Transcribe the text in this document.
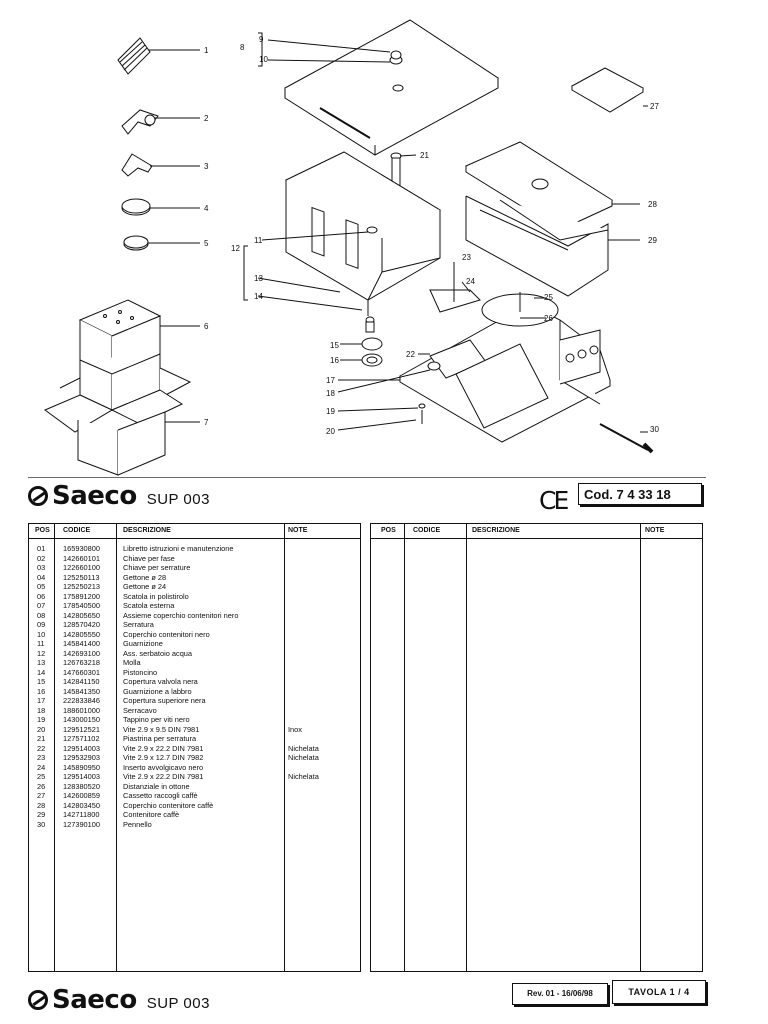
1
2
3
4
5
6
7
8
9
10
11
12
13
14
15
16
17
18
19
20
21
22
23
24
25
26
27
28
29
30
Saeco SUP 003	CE	Cod. 7 4 33 18
POS CODICE	DESCRIZIONE	NOTE
01 165930800	Libretto istruzioni e manutenzione
02 142660101	Chiave per fase
03 122660100	Chiave per serrature
04 125250113	Gettone ø 28
05 125250213	Gettone ø 24
06 175891200	Scatola in polistirolo
07 178540500	Scatola esterna
08 142805650	Assieme coperchio contenitori nero
09 128570420	Serratura
10 142805550	Coperchio contenitori nero
11 145841400	Guarnizione
12 142693100	Ass. serbatoio acqua
13 126763218	Molla
14 147660301	Pistoncino
15 142841150	Copertura valvola nera
16 145841350	Guarnizione a labbro
17 222833846	Copertura superiore nera
18 188601000	Serracavo
19 143000150	Tappino per viti nero
20 129512521	Vite 2.9 x 9.5 DIN 7981	Inox
21 127571102	Piastrina per serratura
22 129514003	Vite 2.9 x 22.2 DIN 7981	Nichelata
23 129532903	Vite 2.9 x 12.7 DIN 7982	Nichelata
24 145890950	Inserto avvolgicavo nero
25 129514003	Vite 2.9 x 22.2 DIN 7981	Nichelata
26 128380520	Distanziale in ottone
27 142600859	Cassetto raccogli caffè
28 142803450	Coperchio contenitore caffè
29 142711800	Contenitore caffè
30 127390100	Pennello
POS CODICE	DESCRIZIONE	NOTE
Saeco SUP 003
Rev. 01 - 16/06/98	TAVOLA 1 / 4
